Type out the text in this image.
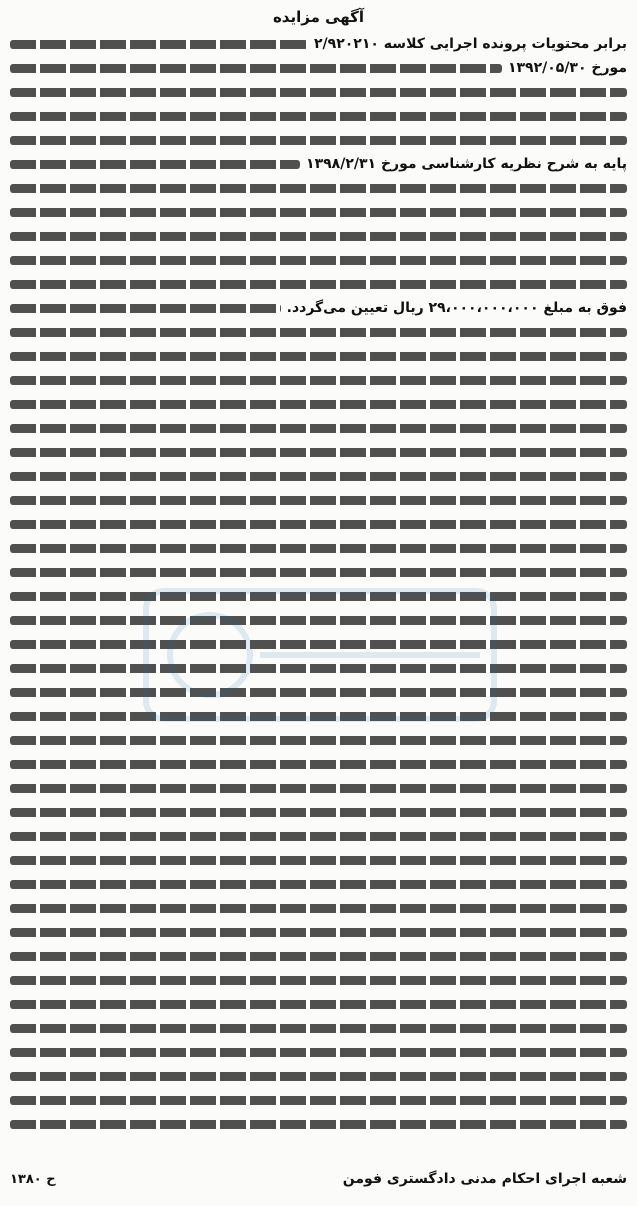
آگهی مزایده
برابر محتویات پرونده اجرایی کلاسه ۲/۹۲۰۲۱۰
مورخ ۱۳۹۲/۰۵/۳۰
پایه به شرح نظریه کارشناسی مورخ ۱۳۹۸/۲/۳۱
فوق به مبلغ ۲۹،۰۰۰،۰۰۰،۰۰۰ ریال تعیین می‌گردد.
شعبه اجرای احکام مدنی دادگستری فومن
ح ۱۳۸۰
